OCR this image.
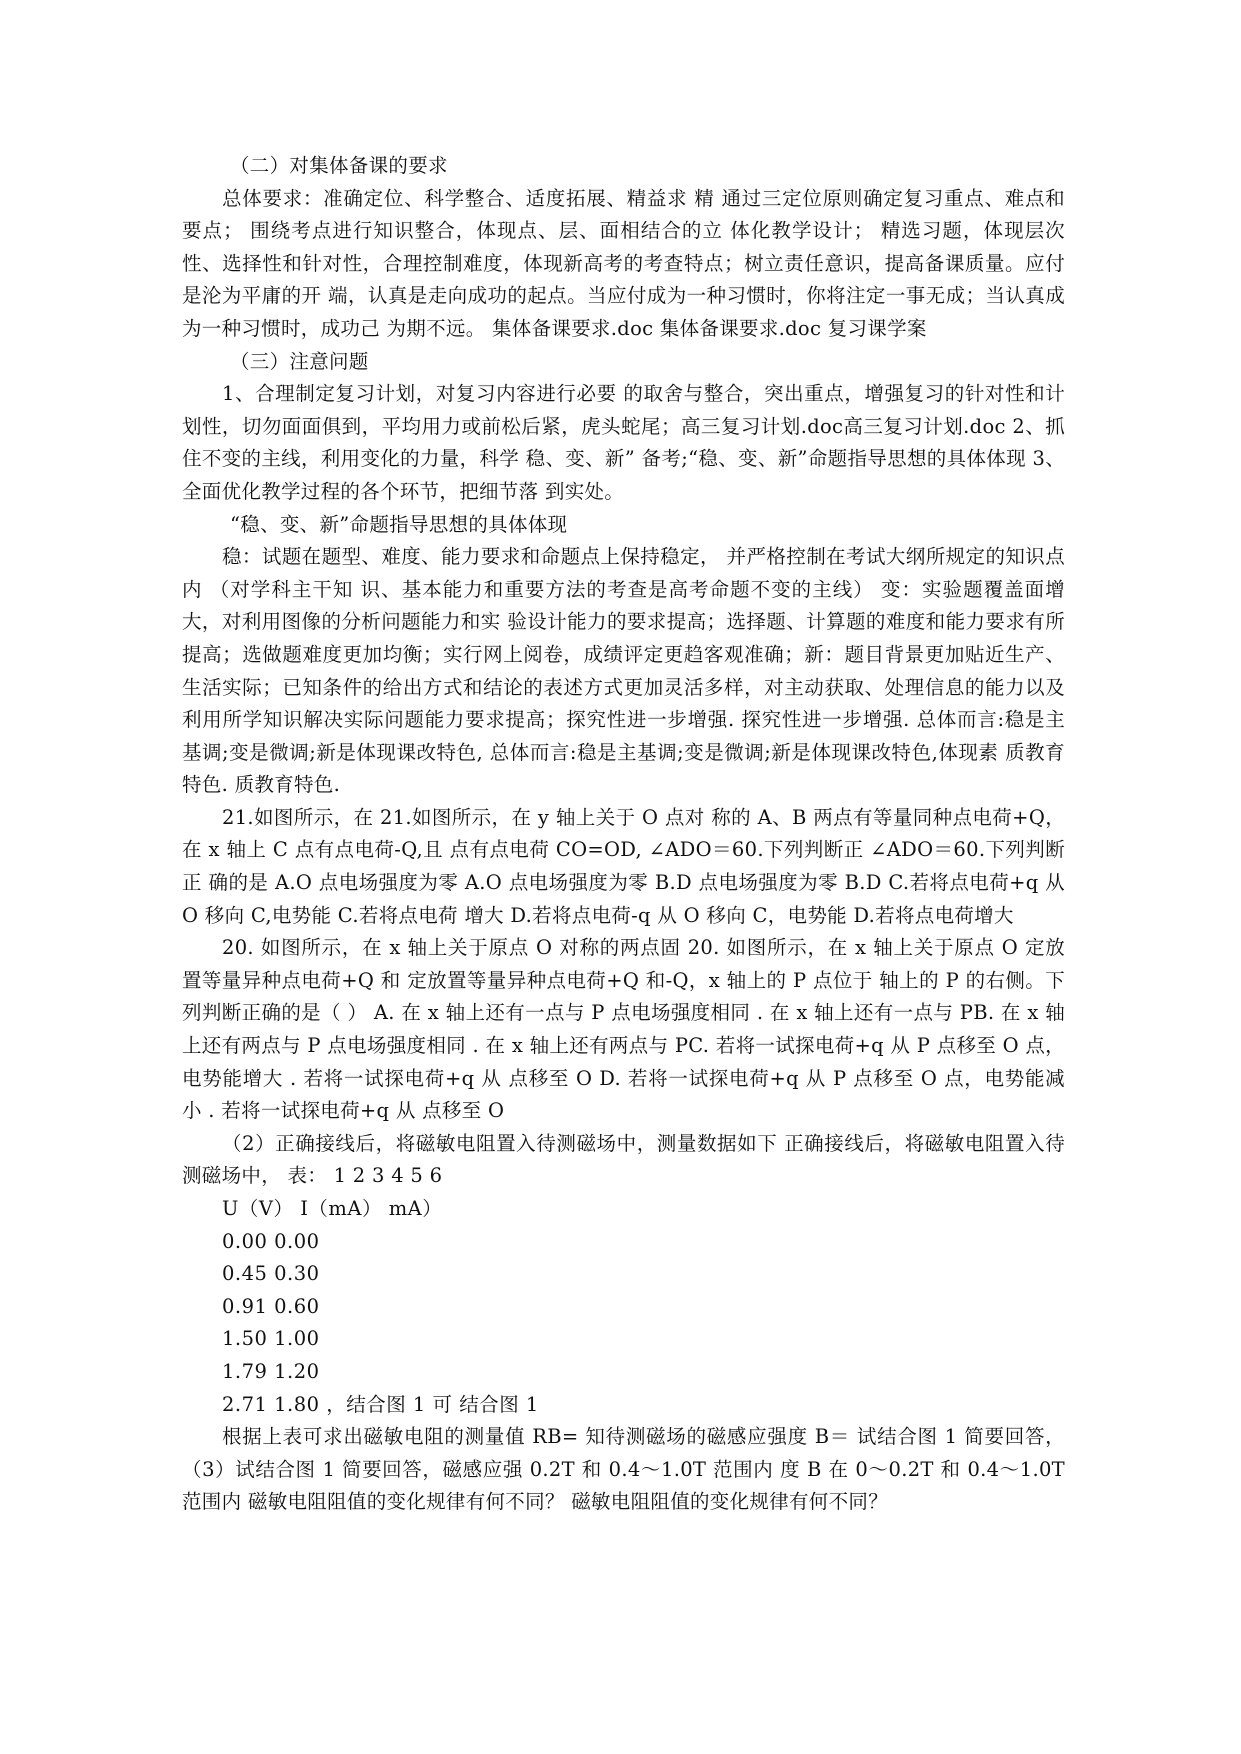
（二）对集体备课的要求

总体要求：准确定位、科学整合、适度拓展、精益求 精 通过三定位原则确定复习重点、难点和要点； 围绕考点进行知识整合，体现点、层、面相结合的立 体化教学设计； 精选习题，体现层次性、选择性和针对性，合理控制难度，体现新高考的考查特点；树立责任意识，提高备课质量。应付是沦为平庸的开 端，认真是走向成功的起点。当应付成为一种习惯时，你将注定一事无成；当认真成为一种习惯时，成功己 为期不远。 集体备课要求.doc 集体备课要求.doc 复习课学案

（三）注意问题

1、合理制定复习计划，对复习内容进行必要 的取舍与整合，突出重点，增强复习的针对性和计划性，切勿面面俱到，平均用力或前松后紧，虎头蛇尾；高三复习计划.doc高三复习计划.doc 2、抓住不变的主线，利用变化的力量，科学 稳、变、新” 备考;“稳、变、新”命题指导思想的具体体现 3、全面优化教学过程的各个环节，把细节落 到实处。

“稳、变、新”命题指导思想的具体体现

稳：试题在题型、难度、能力要求和命题点上保持稳定， 并严格控制在考试大纲所规定的知识点内 （对学科主干知 识、基本能力和重要方法的考查是高考命题不变的主线） 变：实验题覆盖面增大，对利用图像的分析问题能力和实 验设计能力的要求提高；选择题、计算题的难度和能力要求有所提高；选做题难度更加均衡；实行网上阅卷，成绩评定更趋客观准确；新：题目背景更加贴近生产、生活实际；已知条件的给出方式和结论的表述方式更加灵活多样，对主动获取、处理信息的能力以及利用所学知识解决实际问题能力要求提高；探究性进一步增强. 探究性进一步增强. 总体而言:稳是主基调;变是微调;新是体现课改特色, 总体而言:稳是主基调;变是微调;新是体现课改特色,体现素 质教育特色. 质教育特色.

21.如图所示，在 21.如图所示，在 y 轴上关于 O 点对 称的 A、B 两点有等量同种点电荷+Q，在 x 轴上 C 点有点电荷-Q,且 点有点电荷 CO=OD, ∠ADO＝60.下列判断正 ∠ADO＝60.下列判断正 确的是 A.O 点电场强度为零 A.O 点电场强度为零 B.D 点电场强度为零 B.D C.若将点电荷+q 从 O 移向 C,电势能 C.若将点电荷 增大 D.若将点电荷-q 从 O 移向 C，电势能 D.若将点电荷增大

20. 如图所示，在 x 轴上关于原点 O 对称的两点固 20. 如图所示，在 x 轴上关于原点 O 定放置等量异种点电荷+Q 和 定放置等量异种点电荷+Q 和-Q，x 轴上的 P 点位于 轴上的 P 的右侧。下列判断正确的是（ ） A. 在 x 轴上还有一点与 P 点电场强度相同 . 在 x 轴上还有一点与 PB. 在 x 轴上还有两点与 P 点电场强度相同 . 在 x 轴上还有两点与 PC. 若将一试探电荷+q 从 P 点移至 O 点，电势能增大 . 若将一试探电荷+q 从 点移至 O D. 若将一试探电荷+q 从 P 点移至 O 点，电势能减小 . 若将一试探电荷+q 从 点移至 O

（2）正确接线后，将磁敏电阻置入待测磁场中，测量数据如下 正确接线后，将磁敏电阻置入待测磁场中， 表： 1 2 3 4 5 6

U（V） I（mA） mA）

0.00 0.00

0.45 0.30

0.91 0.60

1.50 1.00

1.79 1.20

2.71 1.80 ，结合图 1 可 结合图 1

根据上表可求出磁敏电阻的测量值 RB= 知待测磁场的磁感应强度 B＝ 试结合图 1 简要回答， （3）试结合图 1 简要回答，磁感应强 0.2T 和 0.4～1.0T 范围内 度 B 在 0～0.2T 和 0.4～1.0T 范围内 磁敏电阻阻值的变化规律有何不同？ 磁敏电阻阻值的变化规律有何不同？
